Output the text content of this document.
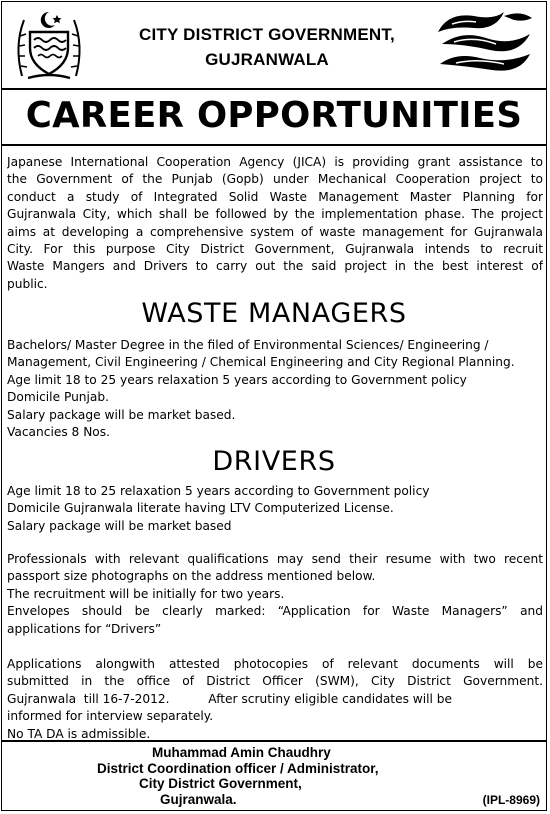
CITY DISTRICT GOVERNMENT,
GUJRANWALA
CAREER OPPORTUNITIES
Japanese International Cooperation Agency (JICA) is providing grant assistance to
the Government of the Punjab (Gopb) under Mechanical Cooperation project to
conduct a study of Integrated Solid Waste Management Master Planning for
Gujranwala City, which shall be followed by the implementation phase. The project
aims at developing a comprehensive system of waste management for Gujranwala
City. For this purpose City District Government, Gujranwala intends to recruit
Waste Mangers and Drivers to carry out the said project in the best interest of
public.
WASTE MANAGERS
Bachelors/ Master Degree in the filed of Environmental Sciences/ Engineering /
Management, Civil Engineering / Chemical Engineering and City Regional Planning.
Age limit 18 to 25 years relaxation 5 years according to Government policy
Domicile Punjab.
Salary package will be market based.
Vacancies 8 Nos.
DRIVERS
Age limit 18 to 25 relaxation 5 years according to Government policy
Domicile Gujranwala literate having LTV Computerized License.
Salary package will be market based
Professionals with relevant qualifications may send their resume with two recent
passport size photographs on the address mentioned below.
The recruitment will be initially for two years.
Envelopes should be clearly marked: “Application for Waste Managers” and
applications for “Drivers”
Applications alongwith attested photocopies of relevant documents will be
submitted in the office of District Officer (SWM), City District Government.
Gujranwala  till 16-7-2012.          After scrutiny eligible candidates will be
informed for interview separately.
No TA DA is admissible.
Muhammad Amin Chaudhry
District Coordination officer / Administrator,
City District Government,
Gujranwala.	(IPL-8969)
